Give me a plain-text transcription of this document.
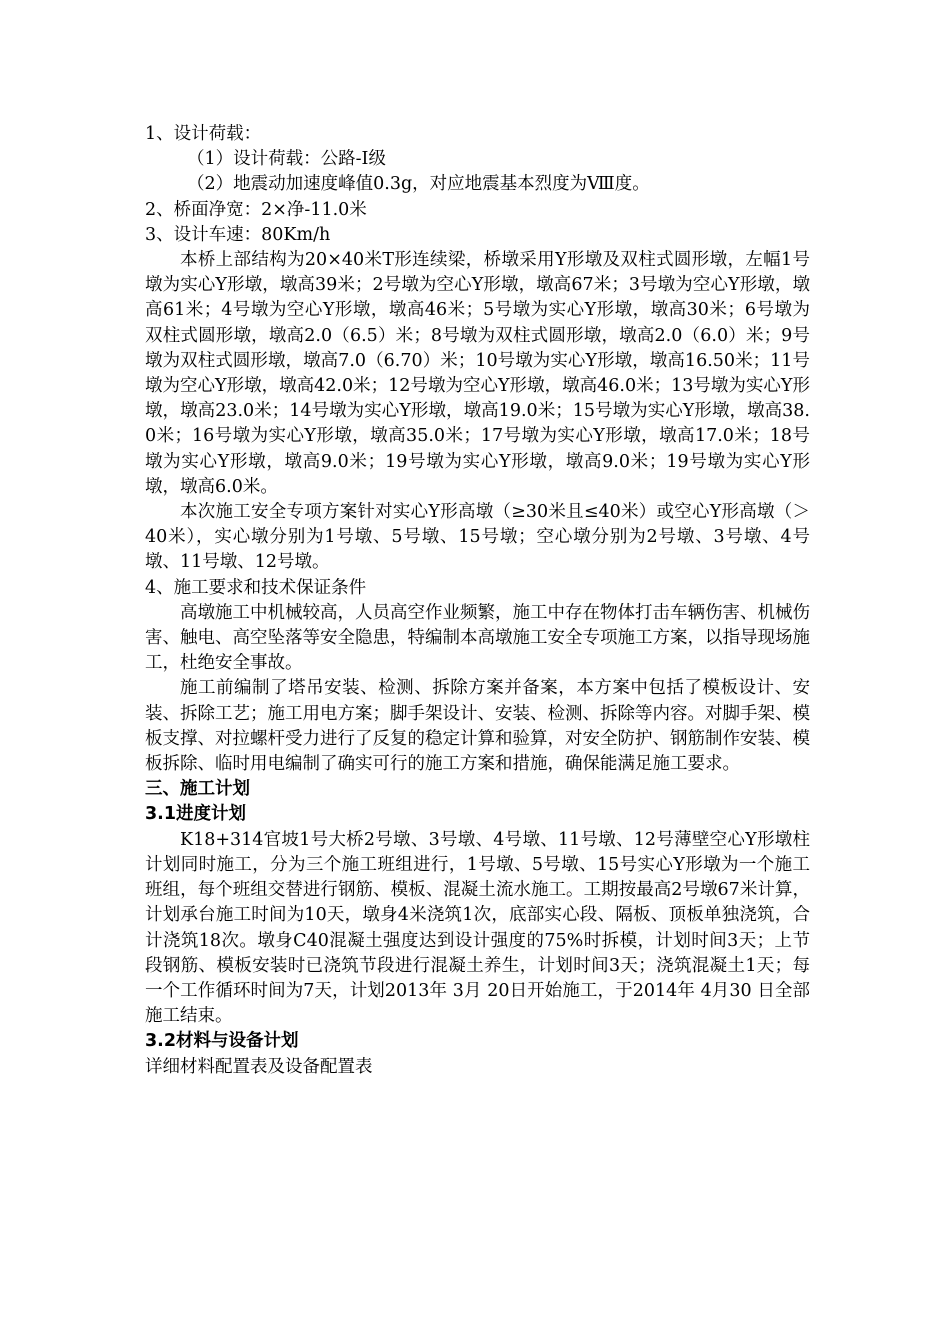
1、设计荷载：

（1）设计荷载：公路-Ⅰ级

（2）地震动加速度峰值0.3g，对应地震基本烈度为Ⅷ度。

2、桥面净宽：2×净-11.0米

3、设计车速：80Km/h

本桥上部结构为20×40米T形连续梁，桥墩采用Y形墩及双柱式圆形墩，左幅1号墩为实心Y形墩，墩高39米；2号墩为空心Y形墩，墩高67米；3号墩为空心Y形墩，墩高61米；4号墩为空心Y形墩，墩高46米；5号墩为实心Y形墩，墩高30米；6号墩为双柱式圆形墩，墩高2.0（6.5）米；8号墩为双柱式圆形墩，墩高2.0（6.0）米；9号墩为双柱式圆形墩，墩高7.0（6.70）米；10号墩为实心Y形墩，墩高16.50米；11号墩为空心Y形墩，墩高42.0米；12号墩为空心Y形墩，墩高46.0米；13号墩为实心Y形墩，墩高23.0米；14号墩为实心Y形墩，墩高19.0米；15号墩为实心Y形墩，墩高38.0米；16号墩为实心Y形墩，墩高35.0米；17号墩为实心Y形墩，墩高17.0米；18号墩为实心Y形墩，墩高9.0米；19号墩为实心Y形墩，墩高9.0米；19号墩为实心Y形墩，墩高6.0米。

本次施工安全专项方案针对实心Y形高墩（≥30米且≤40米）或空心Y形高墩（＞40米），实心墩分别为1号墩、5号墩、15号墩；空心墩分别为2号墩、3号墩、4号墩、11号墩、12号墩。

4、施工要求和技术保证条件

高墩施工中机械较高，人员高空作业频繁，施工中存在物体打击车辆伤害、机械伤害、触电、高空坠落等安全隐患，特编制本高墩施工安全专项施工方案，以指导现场施工，杜绝安全事故。

施工前编制了塔吊安装、检测、拆除方案并备案，本方案中包括了模板设计、安装、拆除工艺；施工用电方案；脚手架设计、安装、检测、拆除等内容。对脚手架、模板支撑、对拉螺杆受力进行了反复的稳定计算和验算，对安全防护、钢筋制作安装、模板拆除、临时用电编制了确实可行的施工方案和措施，确保能满足施工要求。

三、施工计划

3.1进度计划

K18+314官坡1号大桥2号墩、3号墩、4号墩、11号墩、12号薄壁空心Y形墩柱计划同时施工，分为三个施工班组进行，1号墩、5号墩、15号实心Y形墩为一个施工班组，每个班组交替进行钢筋、模板、混凝土流水施工。工期按最高2号墩67米计算，计划承台施工时间为10天，墩身4米浇筑1次，底部实心段、隔板、顶板单独浇筑，合计浇筑18次。墩身C40混凝土强度达到设计强度的75%时拆模，计划时间3天；上节段钢筋、模板安装时已浇筑节段进行混凝土养生，计划时间3天；浇筑混凝土1天；每一个工作循环时间为7天，计划2013年 3月 20日开始施工，于2014年 4月30 日全部施工结束。

3.2材料与设备计划

详细材料配置表及设备配置表
